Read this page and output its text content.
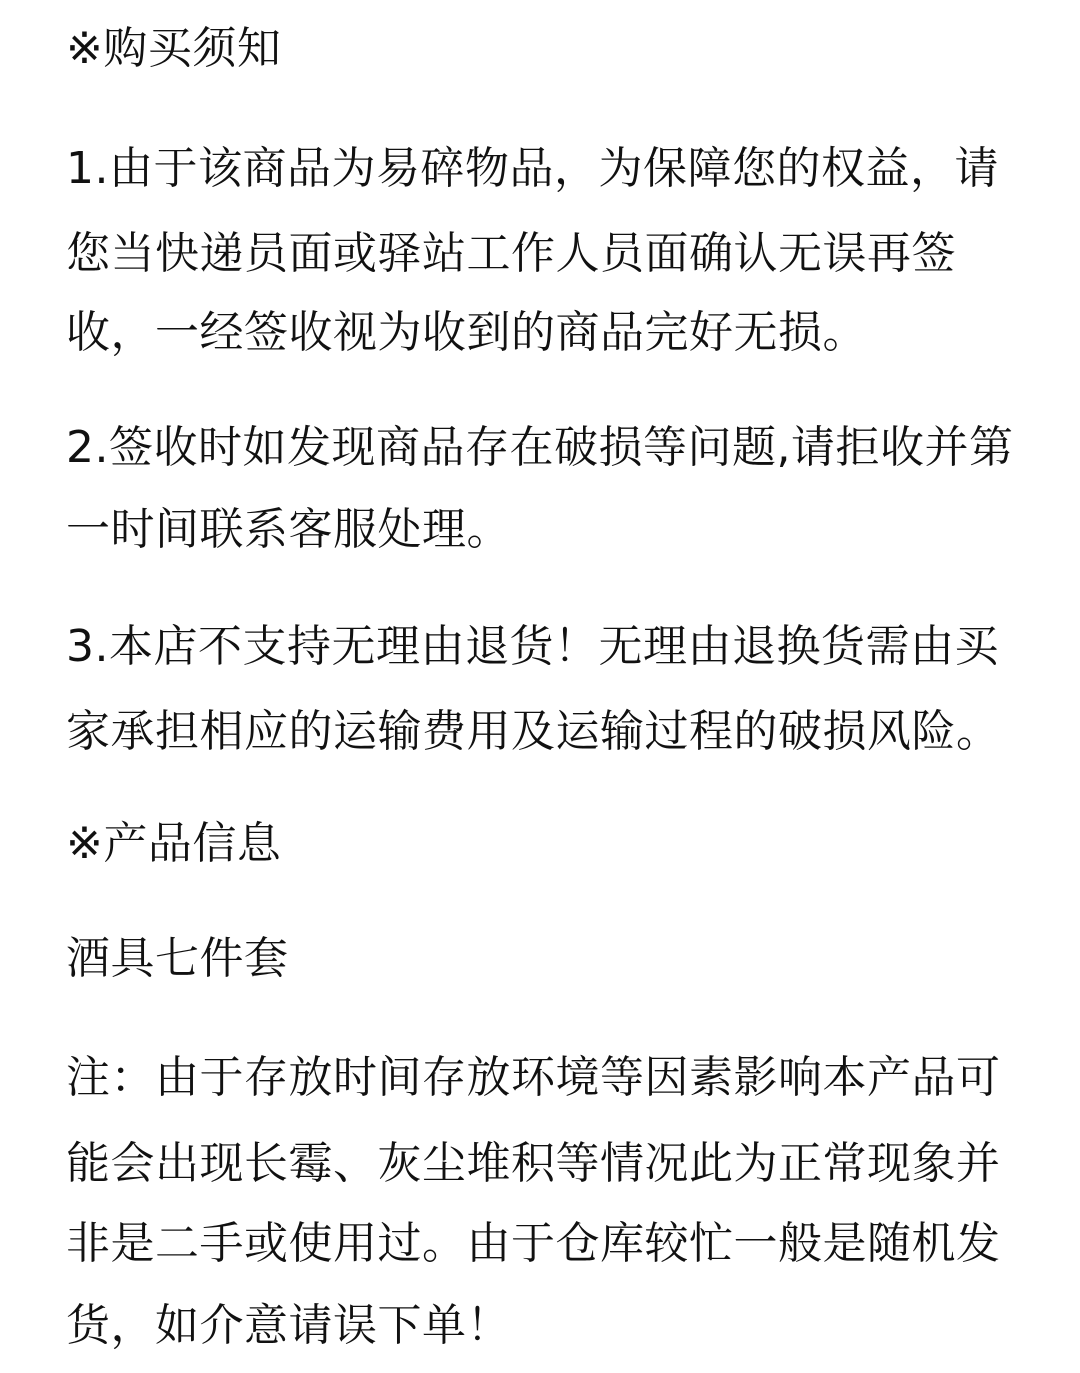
※购买须知
1.由于该商品为易碎物品，为保障您的权益，请
您当快递员面或驿站工作人员面确认无误再签
收，一经签收视为收到的商品完好无损。
2.签收时如发现商品存在破损等问题,请拒收并第
一时间联系客服处理。
3.本店不支持无理由退货！无理由退换货需由买
家承担相应的运输费用及运输过程的破损风险。
※产品信息
酒具七件套
注：由于存放时间存放环境等因素影响本产品可
能会出现长霉、灰尘堆积等情况此为正常现象并
非是二手或使用过。由于仓库较忙一般是随机发
货，如介意请误下单！
